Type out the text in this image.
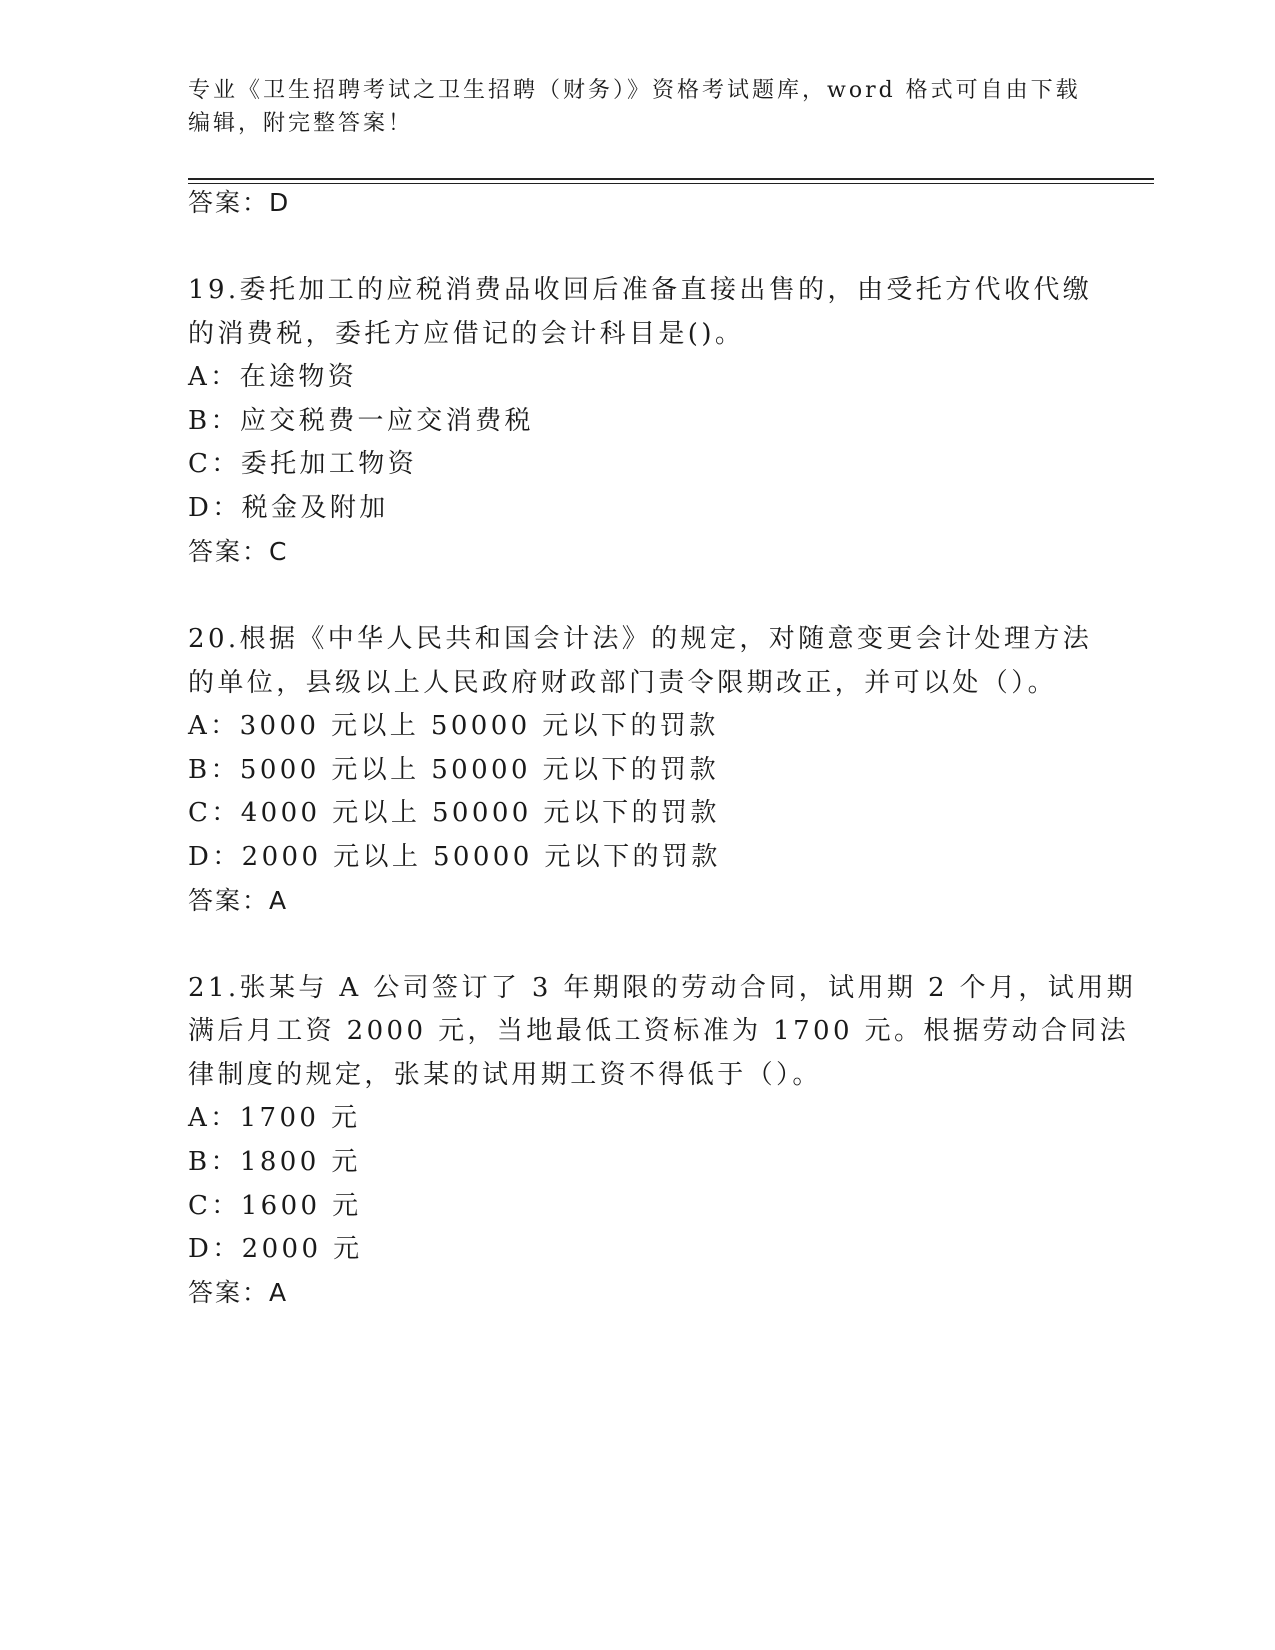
专业《卫生招聘考试之卫生招聘（财务）》资格考试题库，word 格式可自由下载
编辑，附完整答案！
答案：D
19.委托加工的应税消费品收回后准备直接出售的，由受托方代收代缴
的消费税，委托方应借记的会计科目是()。
A：在途物资
B：应交税费一应交消费税
C：委托加工物资
D：税金及附加
答案：C
20.根据《中华人民共和国会计法》的规定，对随意变更会计处理方法
的单位，县级以上人民政府财政部门责令限期改正，并可以处（）。
A：3000 元以上 50000 元以下的罚款
B：5000 元以上 50000 元以下的罚款
C：4000 元以上 50000 元以下的罚款
D：2000 元以上 50000 元以下的罚款
答案：A
21.张某与 A 公司签订了 3 年期限的劳动合同，试用期 2 个月，试用期
满后月工资 2000 元，当地最低工资标准为 1700 元。根据劳动合同法
律制度的规定，张某的试用期工资不得低于（）。
A：1700 元
B：1800 元
C：1600 元
D：2000 元
答案：A
